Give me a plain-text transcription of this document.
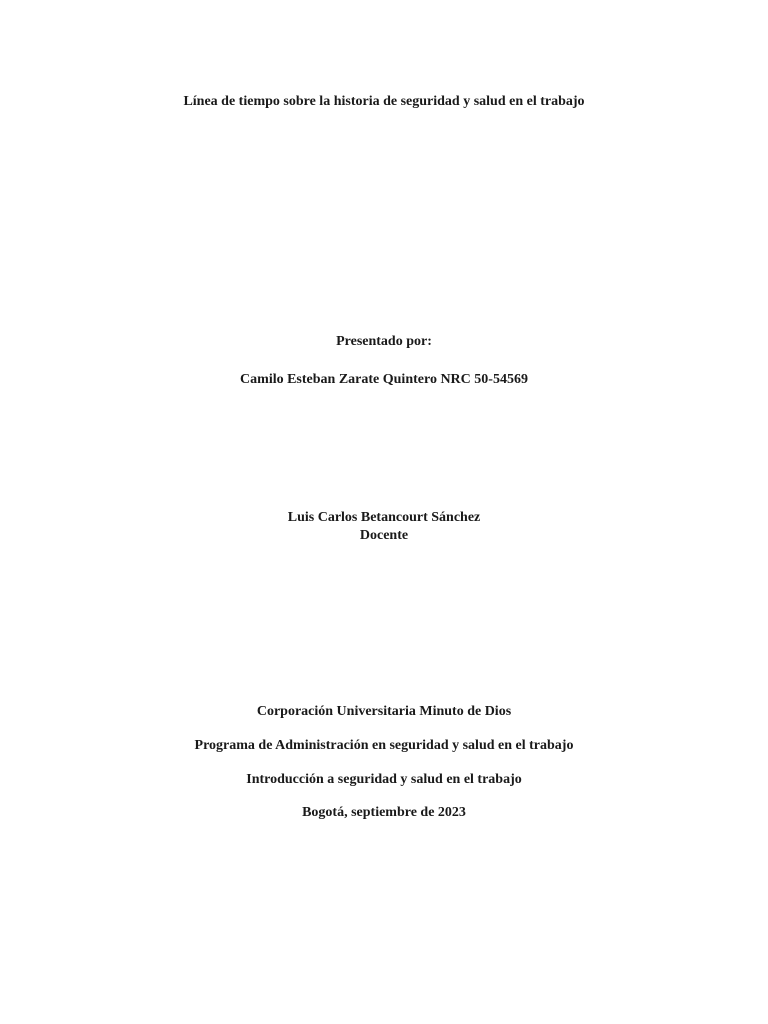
Línea de tiempo sobre la historia de seguridad y salud en el trabajo
Presentado por:
Camilo Esteban Zarate Quintero NRC 50-54569
Luis Carlos Betancourt Sánchez
Docente
Corporación Universitaria Minuto de Dios
Programa de Administración en seguridad y salud en el trabajo
Introducción a seguridad y salud en el trabajo
Bogotá, septiembre de 2023
